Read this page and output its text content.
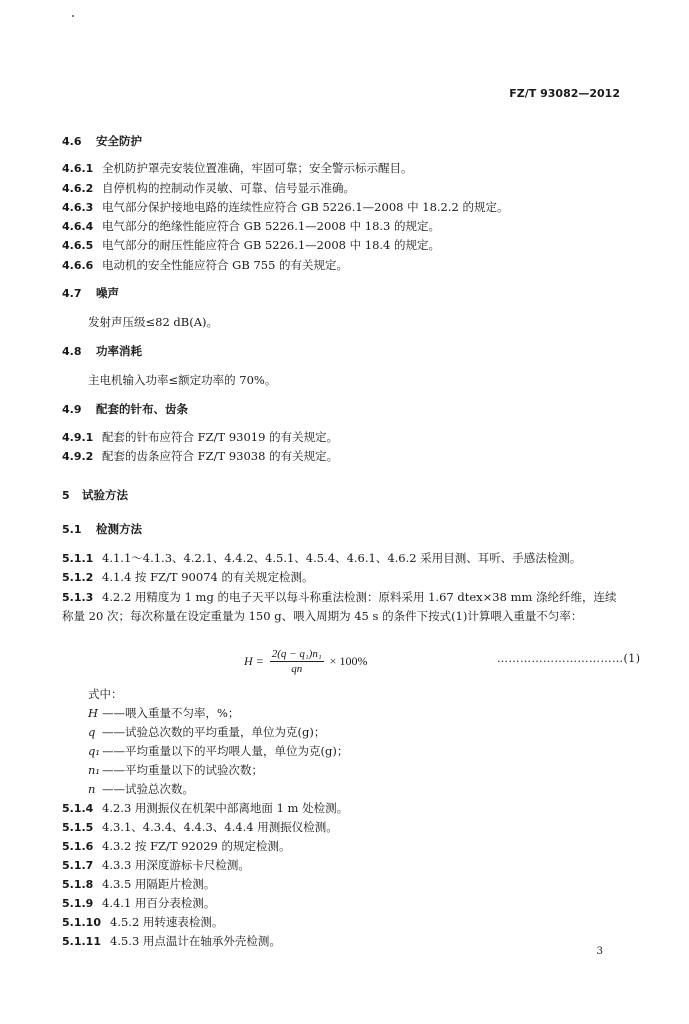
FZ/T 93082—2012
4.6 安全防护
4.6.1 全机防护罩壳安装位置准确，牢固可靠；安全警示标示醒目。
4.6.2 自停机构的控制动作灵敏、可靠、信号显示准确。
4.6.3 电气部分保护接地电路的连续性应符合 GB 5226.1—2008 中 18.2.2 的规定。
4.6.4 电气部分的绝缘性能应符合 GB 5226.1—2008 中 18.3 的规定。
4.6.5 电气部分的耐压性能应符合 GB 5226.1—2008 中 18.4 的规定。
4.6.6 电动机的安全性能应符合 GB 755 的有关规定。
4.7 噪声
发射声压级≤82 dB(A)。
4.8 功率消耗
主电机输入功率≤额定功率的 70%。
4.9 配套的针布、齿条
4.9.1 配套的针布应符合 FZ/T 93019 的有关规定。
4.9.2 配套的齿条应符合 FZ/T 93038 的有关规定。
5 试验方法
5.1 检测方法
5.1.1 4.1.1～4.1.3、4.2.1、4.4.2、4.5.1、4.5.4、4.6.1、4.6.2 采用目测、耳听、手感法检测。
5.1.2 4.1.4 按 FZ/T 90074 的有关规定检测。
5.1.3 4.2.2 用精度为 1 mg 的电子天平以每斗称重法检测：原料采用 1.67 dtex×38 mm 涤纶纤维，连续称量 20 次；每次称量在设定重量为 150 g、喂入周期为 45 s 的条件下按式(1)计算喂入重量不匀率：
$H = \frac{\text{2(q − q₁)n₁}}{qn} \times 100\%$	……………………………(1)
式中：
H ——喂入重量不匀率，%；
q ——试验总次数的平均重量，单位为克(g)；
q₁ ——平均重量以下的平均喂人量，单位为克(g)；
n₁ ——平均重量以下的试验次数；
n ——试验总次数。
5.1.4 4.2.3 用测振仪在机架中部离地面 1 m 处检测。
5.1.5 4.3.1、4.3.4、4.4.3、4.4.4 用测振仪检测。
5.1.6 4.3.2 按 FZ/T 92029 的规定检测。
5.1.7 4.3.3 用深度游标卡尺检测。
5.1.8 4.3.5 用隔距片检测。
5.1.9 4.4.1 用百分表检测。
5.1.10 4.5.2 用转速表检测。
5.1.11 4.5.3 用点温计在轴承外壳检测。
3
